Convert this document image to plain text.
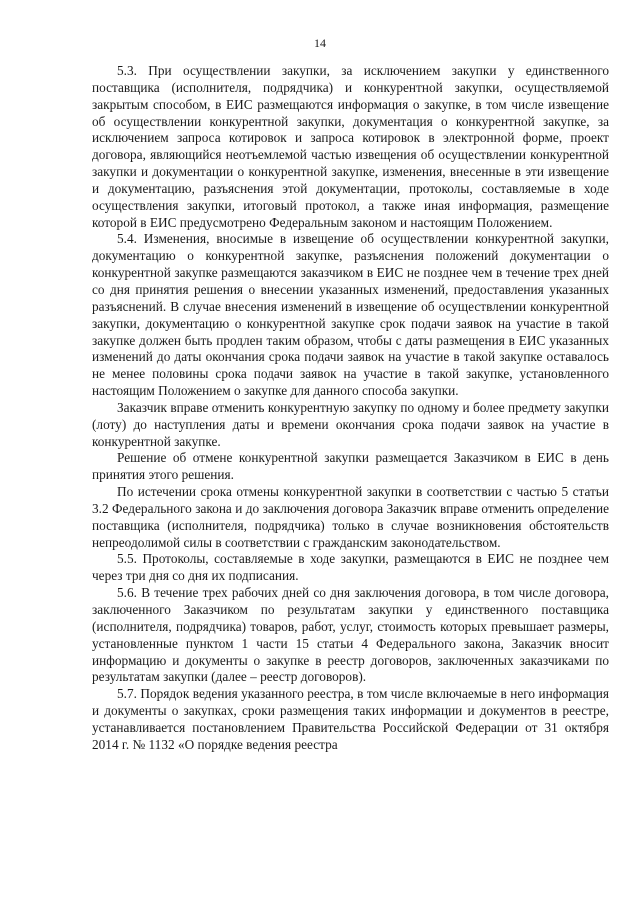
14

5.3. При осуществлении закупки, за исключением закупки у единственного поставщика (исполнителя, подрядчика) и конкурентной закупки, осуществляемой закрытым способом, в ЕИС размещаются информация о закупке, в том числе извещение об осуществлении конкурентной закупки, документация о конкурентной закупке, за исключением запроса котировок и запроса котировок в электронной форме, проект договора, являющийся неотъемлемой частью извещения об осуществлении конкурентной закупки и документации о конкурентной закупке, изменения, внесенные в эти извещение и документацию, разъяснения этой документации, протоколы, составляемые в ходе осуществления закупки, итоговый протокол, а также иная информация, размещение которой в ЕИС предусмотрено Федеральным законом и настоящим Положением.

5.4. Изменения, вносимые в извещение об осуществлении конкурентной закупки, документацию о конкурентной закупке, разъяснения положений документации о конкурентной закупке размещаются заказчиком в ЕИС не позднее чем в течение трех дней со дня принятия решения о внесении указанных изменений, предоставления указанных разъяснений. В случае внесения изменений в извещение об осуществлении конкурентной закупки, документацию о конкурентной закупке срок подачи заявок на участие в такой закупке должен быть продлен таким образом, чтобы с даты размещения в ЕИС указанных изменений до даты окончания срока подачи заявок на участие в такой закупке оставалось не менее половины срока подачи заявок на участие в такой закупке, установленного настоящим Положением о закупке для данного способа закупки.

Заказчик вправе отменить конкурентную закупку по одному и более предмету закупки (лоту) до наступления даты и времени окончания срока подачи заявок на участие в конкурентной закупке.

Решение об отмене конкурентной закупки размещается Заказчиком в ЕИС в день принятия этого решения.

По истечении срока отмены конкурентной закупки в соответствии с частью 5 статьи 3.2 Федерального закона и до заключения договора Заказчик вправе отменить определение поставщика (исполнителя, подрядчика) только в случае возникновения обстоятельств непреодолимой силы в соответствии с гражданским законодательством.

5.5. Протоколы, составляемые в ходе закупки, размещаются в ЕИС не позднее чем через три дня со дня их подписания.

5.6. В течение трех рабочих дней со дня заключения договора, в том числе договора, заключенного Заказчиком по результатам закупки у единственного поставщика (исполнителя, подрядчика) товаров, работ, услуг, стоимость которых превышает размеры, установленные пунктом 1 части 15 статьи 4 Федерального закона, Заказчик вносит информацию и документы о закупке в реестр договоров, заключенных заказчиками по результатам закупки (далее – реестр договоров).

5.7. Порядок ведения указанного реестра, в том числе включаемые в него информация и документы о закупках, сроки размещения таких информации и документов в реестре, устанавливается постановлением Правительства Российской Федерации от 31 октября 2014 г. № 1132 «О порядке ведения реестра
